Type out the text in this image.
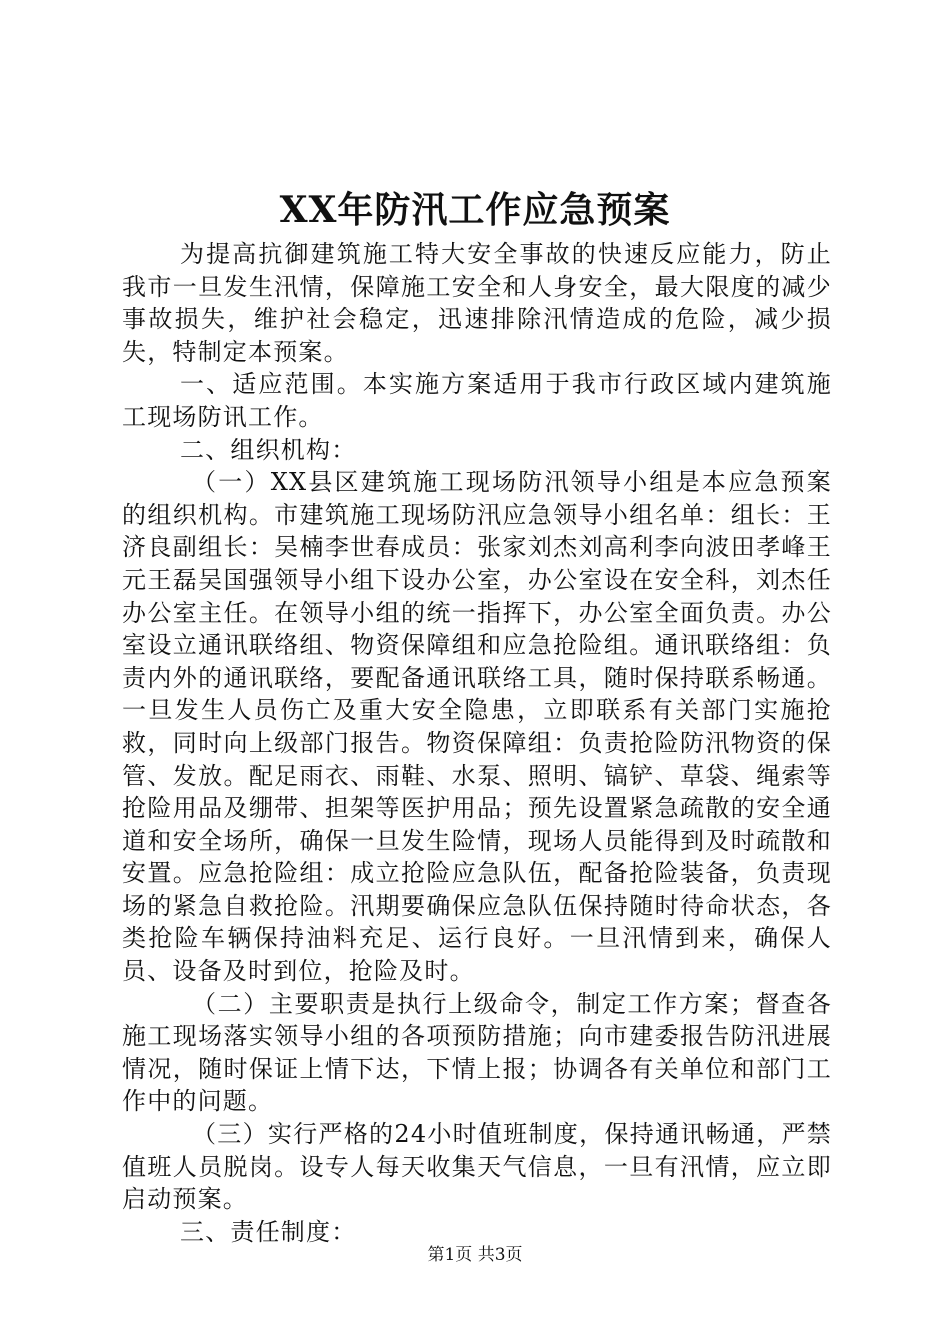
XX年防汛工作应急预案

为提高抗御建筑施工特大安全事故的快速反应能力，防止我市一旦发生汛情，保障施工安全和人身安全，最大限度的减少事故损失，维护社会稳定，迅速排除汛情造成的危险，减少损失，特制定本预案。

一、适应范围。本实施方案适用于我市行政区域内建筑施工现场防讯工作。

二、组织机构：

（一）XX县区建筑施工现场防汛领导小组是本应急预案的组织机构。市建筑施工现场防汛应急领导小组名单：组长：王济良副组长：吴楠李世春成员：张家刘杰刘高利李向波田孝峰王元王磊吴国强领导小组下设办公室，办公室设在安全科，刘杰任办公室主任。在领导小组的统一指挥下，办公室全面负责。办公室设立通讯联络组、物资保障组和应急抢险组。通讯联络组：负责内外的通讯联络，要配备通讯联络工具，随时保持联系畅通。一旦发生人员伤亡及重大安全隐患，立即联系有关部门实施抢救，同时向上级部门报告。物资保障组：负责抢险防汛物资的保管、发放。配足雨衣、雨鞋、水泵、照明、镐铲、草袋、绳索等抢险用品及绷带、担架等医护用品；预先设置紧急疏散的安全通道和安全场所，确保一旦发生险情，现场人员能得到及时疏散和安置。应急抢险组：成立抢险应急队伍，配备抢险装备，负责现场的紧急自救抢险。汛期要确保应急队伍保持随时待命状态，各类抢险车辆保持油料充足、运行良好。一旦汛情到来，确保人员、设备及时到位，抢险及时。

（二）主要职责是执行上级命令，制定工作方案；督查各施工现场落实领导小组的各项预防措施；向市建委报告防汛进展情况，随时保证上情下达，下情上报；协调各有关单位和部门工作中的问题。

（三）实行严格的24小时值班制度，保持通讯畅通，严禁值班人员脱岗。设专人每天收集天气信息，一旦有汛情，应立即启动预案。

三、责任制度：

第1页 共3页
